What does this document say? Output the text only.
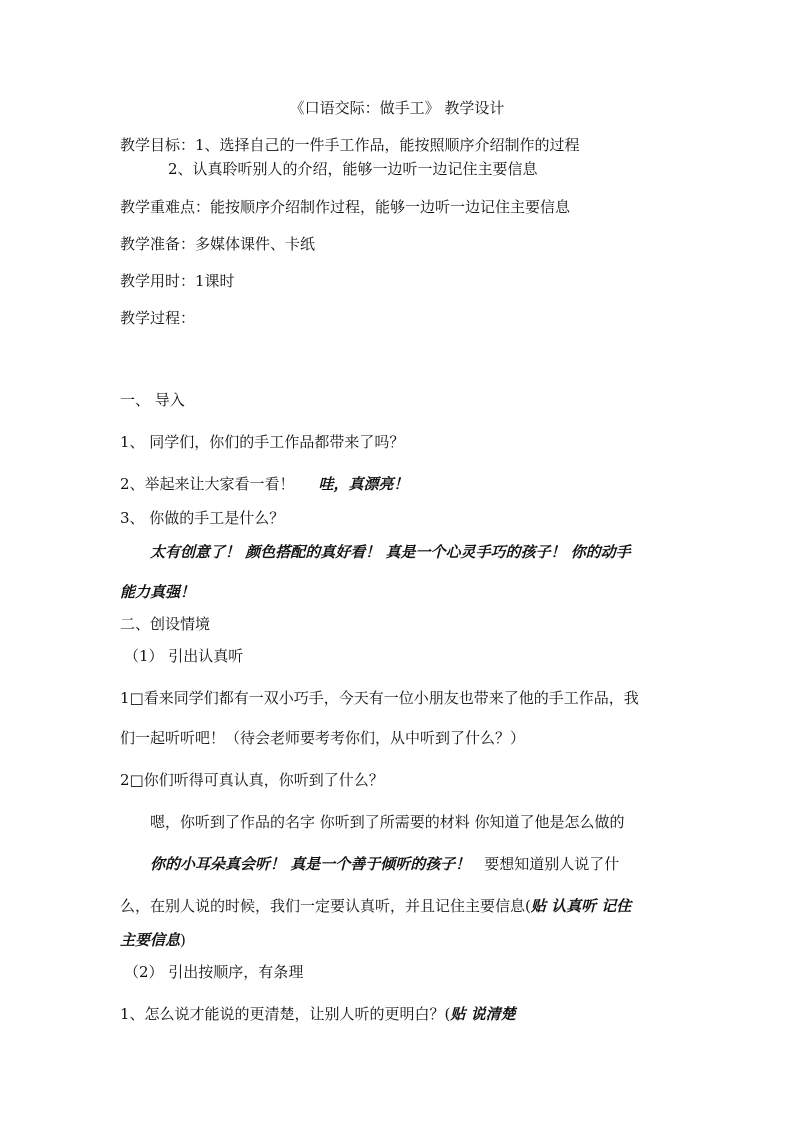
《口语交际：做手工》 教学设计
教学目标：1、选择自己的一件手工作品，能按照顺序介绍制作的过程
2、认真聆听别人的介绍，能够一边听一边记住主要信息
教学重难点：能按顺序介绍制作过程，能够一边听一边记住主要信息
教学准备：多媒体课件、卡纸
教学用时：1课时
教学过程：
一、 导入
1、 同学们，你们的手工作品都带来了吗？
2、举起来让大家看一看！ 哇，真漂亮！
3、 你做的手工是什么？
太有创意了！ 颜色搭配的真好看！ 真是一个心灵手巧的孩子！ 你的动手
能力真强！
二、创设情境
（1） 引出认真听
1□看来同学们都有一双小巧手，今天有一位小朋友也带来了他的手工作品，我
们一起听听吧！（待会老师要考考你们，从中听到了什么？）
2□你们听得可真认真，你听到了什么？
嗯，你听到了作品的名字 你听到了所需要的材料 你知道了他是怎么做的
你的小耳朵真会听！ 真是一个善于倾听的孩子！ 要想知道别人说了什
么，在别人说的时候，我们一定要认真听，并且记住主要信息(贴 认真听 记住
主要信息)
（2） 引出按顺序，有条理
1、怎么说才能说的更清楚，让别人听的更明白？(贴 说清楚
